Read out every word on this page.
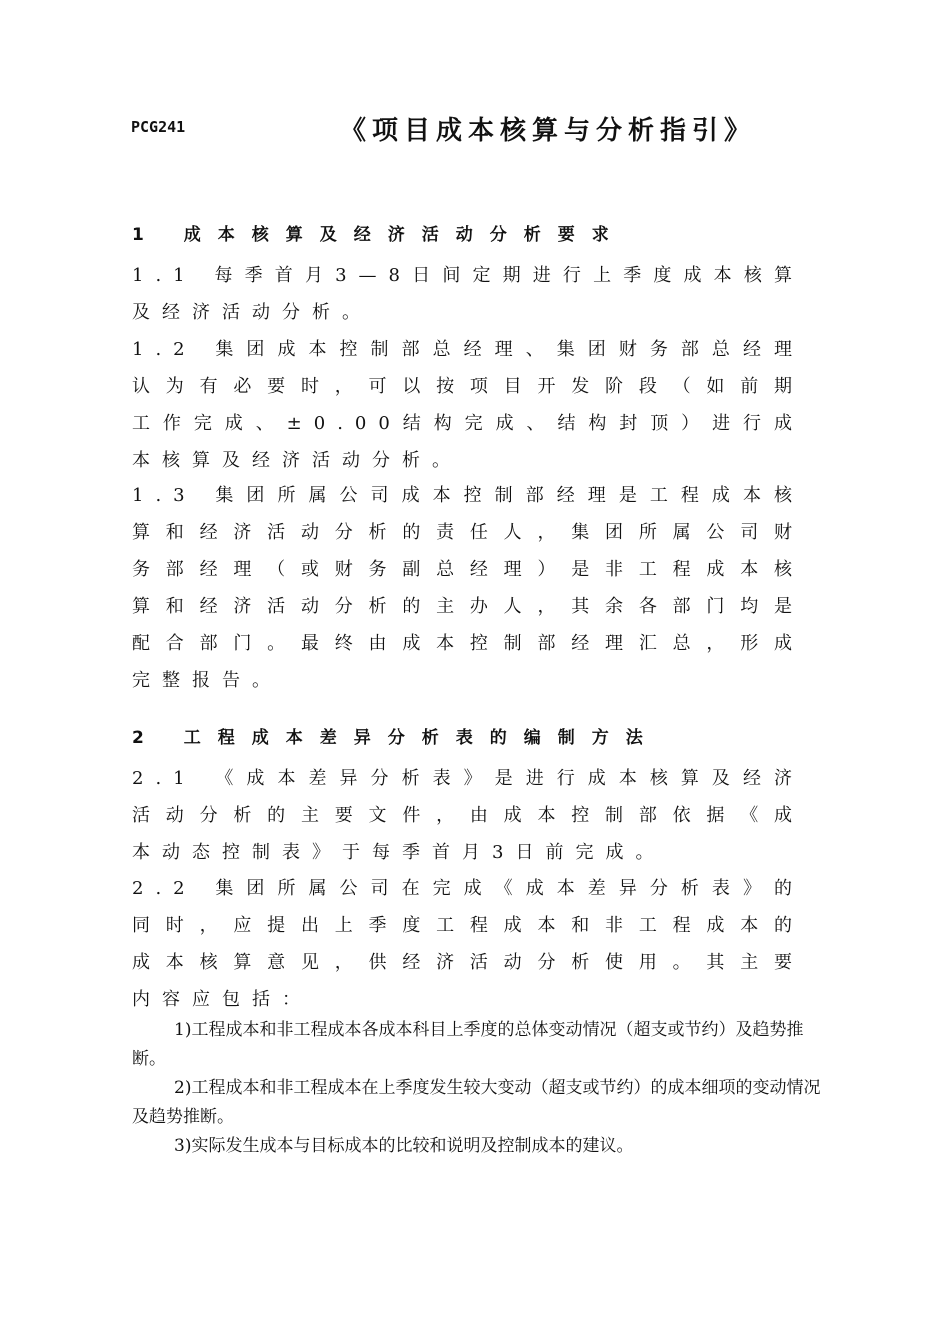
PCG241	《项目成本核算与分析指引》
1 成本核算及经济活动分析要求
1.1 每季首月3—8日间定期进行上季度成本核算
及经济活动分析。
1.2 集团成本控制部总经理、集团财务部总经理
认为有必要时，可以按项目开发阶段（如前期
工作完成、±0.00结构完成、结构封顶）进行成
本核算及经济活动分析。
1.3 集团所属公司成本控制部经理是工程成本核
算和经济活动分析的责任人，集团所属公司财
务部经理（或财务副总经理）是非工程成本核
算和经济活动分析的主办人，其余各部门均是
配合部门。最终由成本控制部经理汇总，形成
完整报告。
2 工程成本差异分析表的编制方法
2.1 《成本差异分析表》是进行成本核算及经济
活动分析的主要文件，由成本控制部依据《成
本动态控制表》于每季首月3日前完成。
2.2 集团所属公司在完成《成本差异分析表》的
同时，应提出上季度工程成本和非工程成本的
成本核算意见，供经济活动分析使用。其主要
内容应包括：
1)工程成本和非工程成本各成本科目上季度的总体变动情况（超支或节约）及趋势推断。
2)工程成本和非工程成本在上季度发生较大变动（超支或节约）的成本细项的变动情况及趋势推断。
3)实际发生成本与目标成本的比较和说明及控制成本的建议。
